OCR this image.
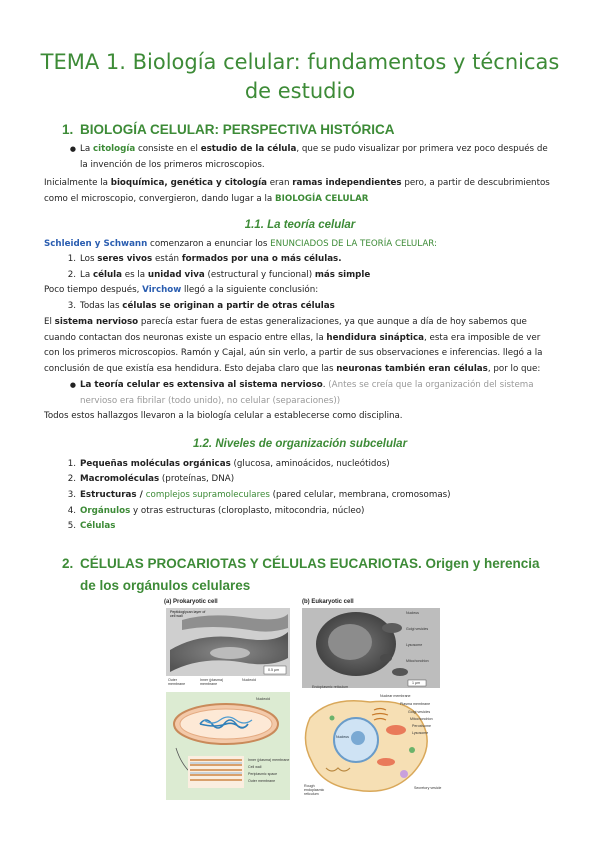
TEMA 1. Biología celular: fundamentos y técnicas de estudio
1. BIOLOGÍA CELULAR: PERSPECTIVA HISTÓRICA
● La citología consiste en el estudio de la célula, que se pudo visualizar por primera vez poco después de la invención de los primeros microscopios.
Inicialmente la bioquímica, genética y citología eran ramas independientes pero, a partir de descubrimientos como el microscopio, convergieron, dando lugar a la BIOLOGÍA CELULAR
1.1. La teoría celular
Schleiden y Schwann comenzaron a enunciar los ENUNCIADOS DE LA TEORÍA CELULAR:
1. Los seres vivos están formados por una o más células.
2. La célula es la unidad viva (estructural y funcional) más simple
Poco tiempo después, Virchow llegó a la siguiente conclusión:
3. Todas las células se originan a partir de otras células
El sistema nervioso parecía estar fuera de estas generalizaciones, ya que aunque a día de hoy sabemos que cuando contactan dos neuronas existe un espacio entre ellas, la hendidura sináptica, esta era imposible de ver con los primeros microscopios. Ramón y Cajal, aún sin verlo, a partir de sus observaciones e inferencias. llegó a la conclusión de que existía esa hendidura. Esto dejaba claro que las neuronas también eran células, por lo que:
● La teoría celular es extensiva al sistema nervioso. (Antes se creía que la organización del sistema nervioso era fibrilar (todo unido), no celular (separaciones))
Todos estos hallazgos llevaron a la biología celular a establecerse como disciplina.
1.2. Niveles de organización subcelular
1. Pequeñas moléculas orgánicas (glucosa, aminoácidos, nucleótidos)
2. Macromoléculas (proteínas, DNA)
3. Estructuras / complejos supramoleculares (pared celular, membrana, cromosomas)
4. Orgánulos y otras estructuras (cloroplasto, mitocondria, núcleo)
5. Células
2. CÉLULAS PROCARIOTAS Y CÉLULAS EUCARIOTAS. Origen y herencia
de los orgánulos celulares
(a) Prokaryotic cell	(b) Eukaryotic cell
Peptidoglycan layer of cell wall
Outer membrane
Inner (plasma) membrane
Nucleoid
0.5 μm
Nucleoid
Inner (plasma) membrane
Cell wall
Periplasmic space
Outer membrane
Nucleus
Golgi vesicles
Lysosome
Mitochondrion
Endoplasmic reticulum
1 μm
Nuclear membrane
Plasma membrane
Golgi vesicles
Mitochondrion
Peroxisome
Lysosome
Nucleus
Rough endoplasmic reticulum
Secretory vesicle
